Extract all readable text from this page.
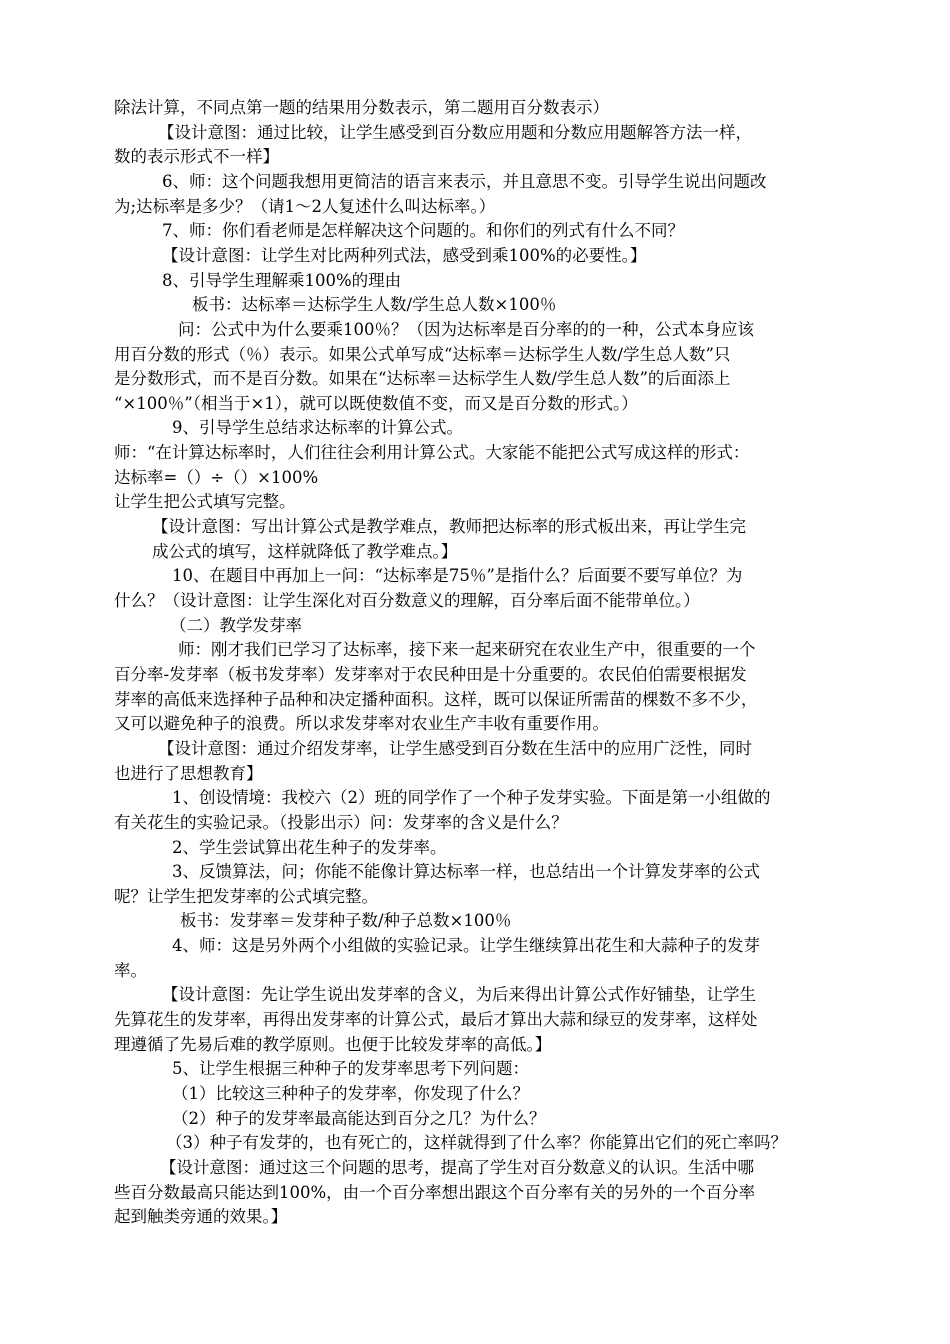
除法计算，不同点第一题的结果用分数表示，第二题用百分数表示）
【设计意图：通过比较，让学生感受到百分数应用题和分数应用题解答方法一样，
数的表示形式不一样】
6、师：这个问题我想用更简洁的语言来表示，并且意思不变。引导学生说出问题改
为;达标率是多少？（请1～2人复述什么叫达标率。）
7、师：你们看老师是怎样解决这个问题的。和你们的列式有什么不同？
【设计意图：让学生对比两种列式法，感受到乘100%的必要性。】
8、引导学生理解乘100%的理由
板书：达标率＝达标学生人数/学生总人数×100％
问：公式中为什么要乘100％？（因为达标率是百分率的的一种，公式本身应该
用百分数的形式（％）表示。如果公式单写成“达标率＝达标学生人数/学生总人数”只
是分数形式，而不是百分数。如果在“达标率＝达标学生人数/学生总人数”的后面添上
“×100％”（相当于×1），就可以既使数值不变，而又是百分数的形式。）
9、引导学生总结求达标率的计算公式。
师：“在计算达标率时，人们往往会利用计算公式。大家能不能把公式写成这样的形式：
达标率=（）÷（）×100%
让学生把公式填写完整。
【设计意图：写出计算公式是教学难点，教师把达标率的形式板出来，再让学生完
成公式的填写，这样就降低了教学难点。】
10、在题目中再加上一问：“达标率是75％”是指什么？后面要不要写单位？为
什么？（设计意图：让学生深化对百分数意义的理解，百分率后面不能带单位。）
（二）教学发芽率
师：刚才我们已学习了达标率，接下来一起来研究在农业生产中，很重要的一个
百分率-发芽率（板书发芽率）发芽率对于农民种田是十分重要的。农民伯伯需要根据发
芽率的高低来选择种子品种和决定播种面积。这样，既可以保证所需苗的棵数不多不少，
又可以避免种子的浪费。所以求发芽率对农业生产丰收有重要作用。
【设计意图：通过介绍发芽率，让学生感受到百分数在生活中的应用广泛性，同时
也进行了思想教育】
1、创设情境：我校六（2）班的同学作了一个种子发芽实验。下面是第一小组做的
有关花生的实验记录。（投影出示）问：发芽率的含义是什么？
2、学生尝试算出花生种子的发芽率。
3、反馈算法，问；你能不能像计算达标率一样，也总结出一个计算发芽率的公式
呢？让学生把发芽率的公式填完整。
板书：发芽率＝发芽种子数/种子总数×100％
4、师：这是另外两个小组做的实验记录。让学生继续算出花生和大蒜种子的发芽
率。
【设计意图：先让学生说出发芽率的含义，为后来得出计算公式作好铺垫，让学生
先算花生的发芽率，再得出发芽率的计算公式，最后才算出大蒜和绿豆的发芽率，这样处
理遵循了先易后难的教学原则。也便于比较发芽率的高低。】
5、让学生根据三种种子的发芽率思考下列问题：
（1）比较这三种种子的发芽率，你发现了什么？
（2）种子的发芽率最高能达到百分之几？为什么？
（3）种子有发芽的，也有死亡的，这样就得到了什么率？你能算出它们的死亡率吗？
【设计意图：通过这三个问题的思考，提高了学生对百分数意义的认识。生活中哪
些百分数最高只能达到100%，由一个百分率想出跟这个百分率有关的另外的一个百分率
起到触类旁通的效果。】
